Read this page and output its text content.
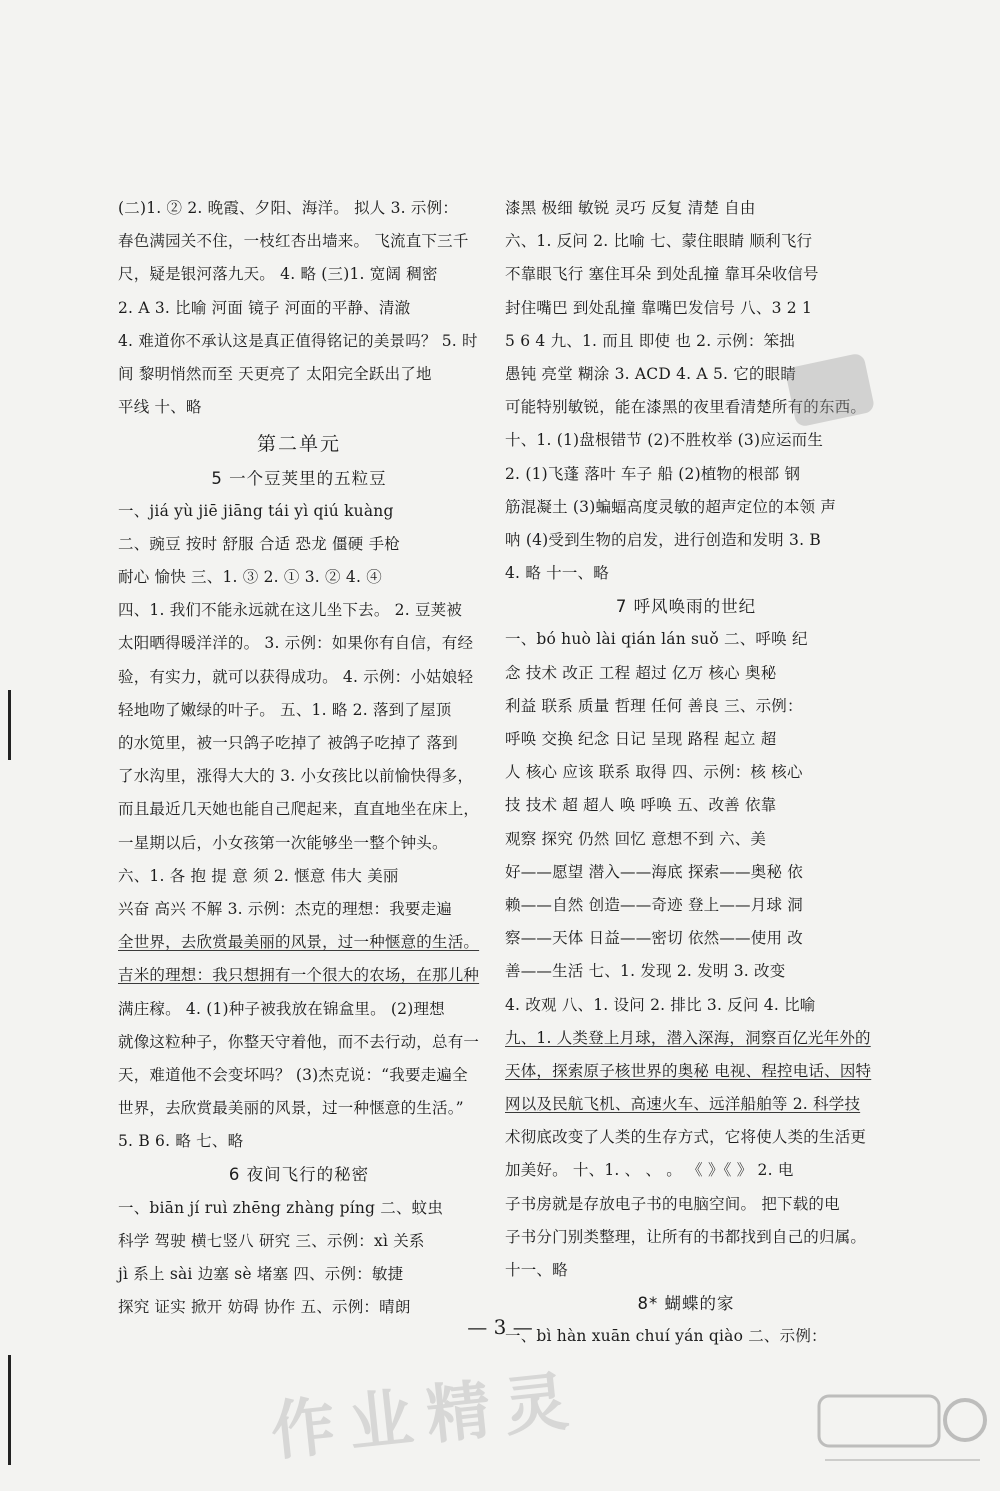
(二)1. ② 2. 晚霞、夕阳、海洋。 拟人 3. 示例：
春色满园关不住，一枝红杏出墙来。 飞流直下三千
尺，疑是银河落九天。 4. 略 (三)1. 宽阔 稠密
2. A 3. 比喻 河面 镜子 河面的平静、清澈
4. 难道你不承认这是真正值得铭记的美景吗？ 5. 时
间 黎明悄然而至 天更亮了 太阳完全跃出了地
平线 十、略
第二单元
5 一个豆荚里的五粒豆
一、jiá yù jiē jiāng tái yì qiú kuàng
二、豌豆 按时 舒服 合适 恐龙 僵硬 手枪
耐心 愉快 三、1. ③ 2. ① 3. ② 4. ④
四、1. 我们不能永远就在这儿坐下去。 2. 豆荚被
太阳晒得暖洋洋的。 3. 示例：如果你有自信，有经
验，有实力，就可以获得成功。 4. 示例：小姑娘轻
轻地吻了嫩绿的叶子。 五、1. 略 2. 落到了屋顶
的水笕里，被一只鸽子吃掉了 被鸽子吃掉了 落到
了水沟里，涨得大大的 3. 小女孩比以前愉快得多，
而且最近几天她也能自己爬起来，直直地坐在床上，
一星期以后，小女孩第一次能够坐一整个钟头。
六、1. 各 抱 提 意 须 2. 惬意 伟大 美丽
兴奋 高兴 不解 3. 示例：杰克的理想：我要走遍
全世界，去欣赏最美丽的风景，过一种惬意的生活。
吉米的理想：我只想拥有一个很大的农场，在那儿种
满庄稼。 4. (1)种子被我放在锦盒里。 (2)理想
就像这粒种子，你整天守着他，而不去行动，总有一
天，难道他不会变坏吗？ (3)杰克说：“我要走遍全
世界，去欣赏最美丽的风景，过一种惬意的生活。”
5. B 6. 略 七、略
6 夜间飞行的秘密
一、biān jí ruì zhēng zhàng píng 二、蚊虫
科学 驾驶 横七竖八 研究 三、示例：xì 关系
jì 系上 sài 边塞 sè 堵塞 四、示例：敏捷
探究 证实 掀开 妨碍 协作 五、示例：晴朗
漆黑 极细 敏锐 灵巧 反复 清楚 自由
六、1. 反问 2. 比喻 七、蒙住眼睛 顺利飞行
不靠眼飞行 塞住耳朵 到处乱撞 靠耳朵收信号
封住嘴巴 到处乱撞 靠嘴巴发信号 八、3 2 1
5 6 4 九、1. 而且 即使 也 2. 示例：笨拙
愚钝 亮堂 糊涂 3. ACD 4. A 5. 它的眼睛
可能特别敏锐，能在漆黑的夜里看清楚所有的东西。
十、1. (1)盘根错节 (2)不胜枚举 (3)应运而生
2. (1)飞蓬 落叶 车子 船 (2)植物的根部 钢
筋混凝土 (3)蝙蝠高度灵敏的超声定位的本领 声
呐 (4)受到生物的启发，进行创造和发明 3. B
4. 略 十一、略
7 呼风唤雨的世纪
一、bó huò lài qián lán suǒ 二、呼唤 纪
念 技术 改正 工程 超过 亿万 核心 奥秘
利益 联系 质量 哲理 任何 善良 三、示例：
呼唤 交换 纪念 日记 呈现 路程 起立 超
人 核心 应该 联系 取得 四、示例：核 核心
技 技术 超 超人 唤 呼唤 五、改善 依靠
观察 探究 仍然 回忆 意想不到 六、美
好——愿望 潜入——海底 探索——奥秘 依
赖——自然 创造——奇迹 登上——月球 洞
察——天体 日益——密切 依然——使用 改
善——生活 七、1. 发现 2. 发明 3. 改变
4. 改观 八、1. 设问 2. 排比 3. 反问 4. 比喻
九、1. 人类登上月球，潜入深海，洞察百亿光年外的
天体，探索原子核世界的奥秘 电视、程控电话、因特
网以及民航飞机、高速火车、远洋船舶等 2. 科学技
术彻底改变了人类的生存方式，它将使人类的生活更
加美好。 十、1. 、 、 。 《 》《 》 2. 电
子书房就是存放电子书的电脑空间。 把下载的电
子书分门别类整理，让所有的书都找到自己的归属。
十一、略
8* 蝴蝶的家
一、bì hàn xuān chuí yán qiào 二、示例：
— 3 —
作业精灵
